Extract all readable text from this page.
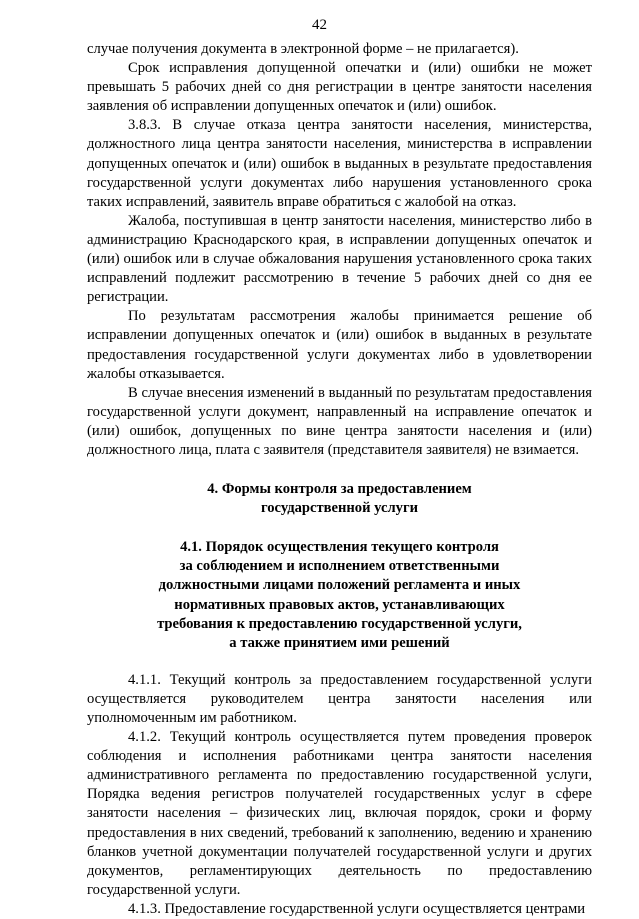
42

случае получения документа в электронной форме – не прилагается).

Срок исправления допущенной опечатки и (или) ошибки не может превышать 5 рабочих дней со дня регистрации в центре занятости населения заявления об исправлении допущенных опечаток и (или) ошибок.

3.8.3. В случае отказа центра занятости населения, министерства, должностного лица центра занятости населения, министерства в исправлении допущенных опечаток и (или) ошибок в выданных в результате предоставления государственной услуги документах либо нарушения установленного срока таких исправлений, заявитель вправе обратиться с жалобой на отказ.

Жалоба, поступившая в центр занятости населения, министерство либо в администрацию Краснодарского края, в исправлении допущенных опечаток и (или) ошибок или в случае обжалования нарушения установленного срока таких исправлений подлежит рассмотрению в течение 5 рабочих дней со дня ее регистрации.

По результатам рассмотрения жалобы принимается решение об исправлении допущенных опечаток и (или) ошибок в выданных в результате предоставления государственной услуги документах либо в удовлетворении жалобы отказывается.

В случае внесения изменений в выданный по результатам предоставления государственной услуги документ, направленный на исправление опечаток и (или) ошибок, допущенных по вине центра занятости населения и (или) должностного лица, плата с заявителя (представителя заявителя) не взимается.

4. Формы контроля за предоставлением
государственной услуги
4.1. Порядок осуществления текущего контроля
за соблюдением и исполнением ответственными
должностными лицами положений регламента и иных
нормативных правовых актов, устанавливающих
требования к предоставлению государственной услуги,
а также принятием ими решений

4.1.1. Текущий контроль за предоставлением государственной услуги осуществляется руководителем центра занятости населения или уполномоченным им работником.

4.1.2. Текущий контроль осуществляется путем проведения проверок соблюдения и исполнения работниками центра занятости населения административного регламента по предоставлению государственной услуги, Порядка ведения регистров получателей государственных услуг в сфере занятости населения – физических лиц, включая порядок, сроки и форму предоставления в них сведений, требований к заполнению, ведению и хранению бланков учетной документации получателей государственной услуги и других документов, регламентирующих деятельность по предоставлению государственной услуги.

4.1.3. Предоставление государственной услуги осуществляется центрами
